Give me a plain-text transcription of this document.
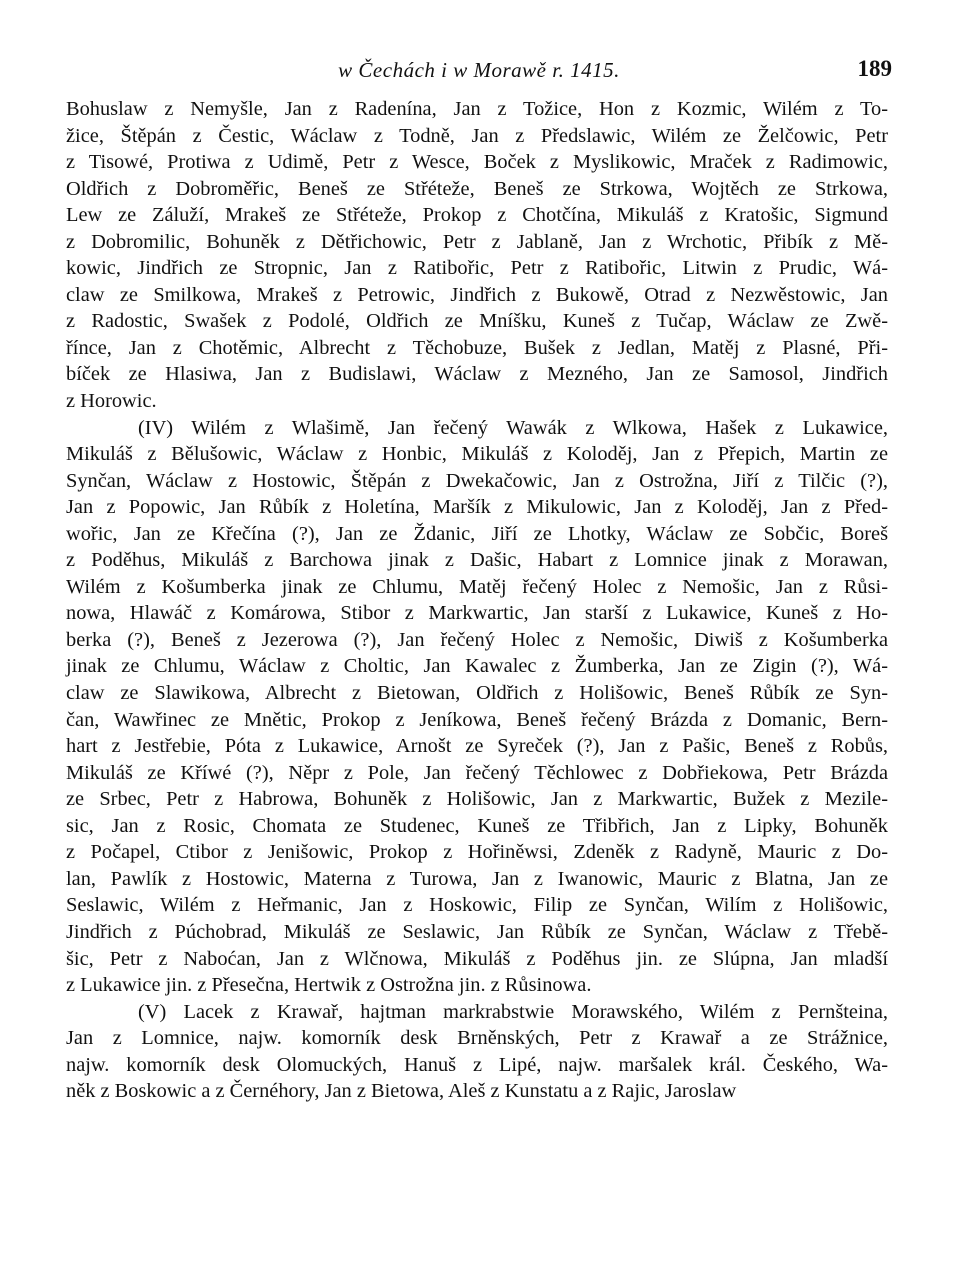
w Čechách i w Morawě r. 1415.	189
Bohuslaw z Nemyšle, Jan z Radenína, Jan z Tožice, Hon z Kozmic, Wilém z To-
žice, Štěpán z Čestic, Wáclaw z Todně, Jan z Předslawic, Wilém ze Želčowic, Petr
z Tisowé, Protiwa z Udimě, Petr z Wesce, Boček z Myslikowic, Mraček z Radimowic,
Oldřich z Dobroměřic, Beneš ze Střéteže, Beneš ze Strkowa, Wojtěch ze Strkowa,
Lew ze Záluží, Mrakeš ze Střéteže, Prokop z Chotčína, Mikuláš z Kratošic, Sigmund
z Dobromilic, Bohuněk z Dětřichowic, Petr z Jablaně, Jan z Wrchotic, Přibík z Mě-
kowic, Jindřich ze Stropnic, Jan z Ratibořic, Petr z Ratibořic, Litwin z Prudic, Wá-
claw ze Smilkowa, Mrakeš z Petrowic, Jindřich z Bukowě, Otrad z Nezwěstowic, Jan
z Radostic, Swašek z Podolé, Oldřich ze Mníšku, Kuneš z Tučap, Wáclaw ze Zwě-
řínce, Jan z Chotěmic, Albrecht z Těchobuze, Bušek z Jedlan, Matěj z Plasné, Při-
bíček ze Hlasiwa, Jan z Budislawi, Wáclaw z Mezného, Jan ze Samosol, Jindřich
z Horowic.
(IV) Wilém z Wlašimě, Jan řečený Wawák z Wlkowa, Hašek z Lukawice,
Mikuláš z Bělušowic, Wáclaw z Honbic, Mikuláš z Koloděj, Jan z Přepich, Martin ze
Synčan, Wáclaw z Hostowic, Štěpán z Dwekačowic, Jan z Ostrožna, Jiří z Tilčic (?),
Jan z Popowic, Jan Růbík z Holetína, Maršík z Mikulowic, Jan z Koloděj, Jan z Před-
wořic, Jan ze Křečína (?), Jan ze Ždanic, Jiří ze Lhotky, Wáclaw ze Sobčic, Boreš
z Poděhus, Mikuláš z Barchowa jinak z Dašic, Habart z Lomnice jinak z Morawan,
Wilém z Košumberka jinak ze Chlumu, Matěj řečený Holec z Nemošic, Jan z Růsi-
nowa, Hlawáč z Komárowa, Stibor z Markwartic, Jan starší z Lukawice, Kuneš z Ho-
berka (?), Beneš z Jezerowa (?), Jan řečený Holec z Nemošic, Diwiš z Košumberka
jinak ze Chlumu, Wáclaw z Choltic, Jan Kawalec z Žumberka, Jan ze Zigin (?), Wá-
claw ze Slawikowa, Albrecht z Bietowan, Oldřich z Holišowic, Beneš Růbík ze Syn-
čan, Wawřinec ze Mnětic, Prokop z Jeníkowa, Beneš řečený Brázda z Domanic, Bern-
hart z Jestřebie, Póta z Lukawice, Arnošt ze Syreček (?), Jan z Pašic, Beneš z Robůs,
Mikuláš ze Kříwé (?), Něpr z Pole, Jan řečený Těchlowec z Dobřiekowa, Petr Brázda
ze Srbec, Petr z Habrowa, Bohuněk z Holišowic, Jan z Markwartic, Bužek z Mezile-
sic, Jan z Rosic, Chomata ze Studenec, Kuneš ze Třibřich, Jan z Lipky, Bohuněk
z Počapel, Ctibor z Jenišowic, Prokop z Hořiněwsi, Zdeněk z Radyně, Mauric z Do-
lan, Pawlík z Hostowic, Materna z Turowa, Jan z Iwanowic, Mauric z Blatna, Jan ze
Seslawic, Wilém z Heřmanic, Jan z Hoskowic, Filip ze Synčan, Wilím z Holišowic,
Jindřich z Púchobrad, Mikuláš ze Seslawic, Jan Růbík ze Synčan, Wáclaw z Třebě-
šic, Petr z Naboćan, Jan z Wlčnowa, Mikuláš z Poděhus jin. ze Slúpna, Jan mladší
z Lukawice jin. z Přesečna, Hertwik z Ostrožna jin. z Růsinowa.
(V) Lacek z Krawař, hajtman markrabstwie Morawského, Wilém z Pernšteina,
Jan z Lomnice, najw. komorník desk Brněnských, Petr z Krawař a ze Strážnice,
najw. komorník desk Olomuckých, Hanuš z Lipé, najw. maršalek král. Českého, Wa-
něk z Boskowic a z Černéhory, Jan z Bietowa, Aleš z Kunstatu a z Rajic, Jaroslaw
